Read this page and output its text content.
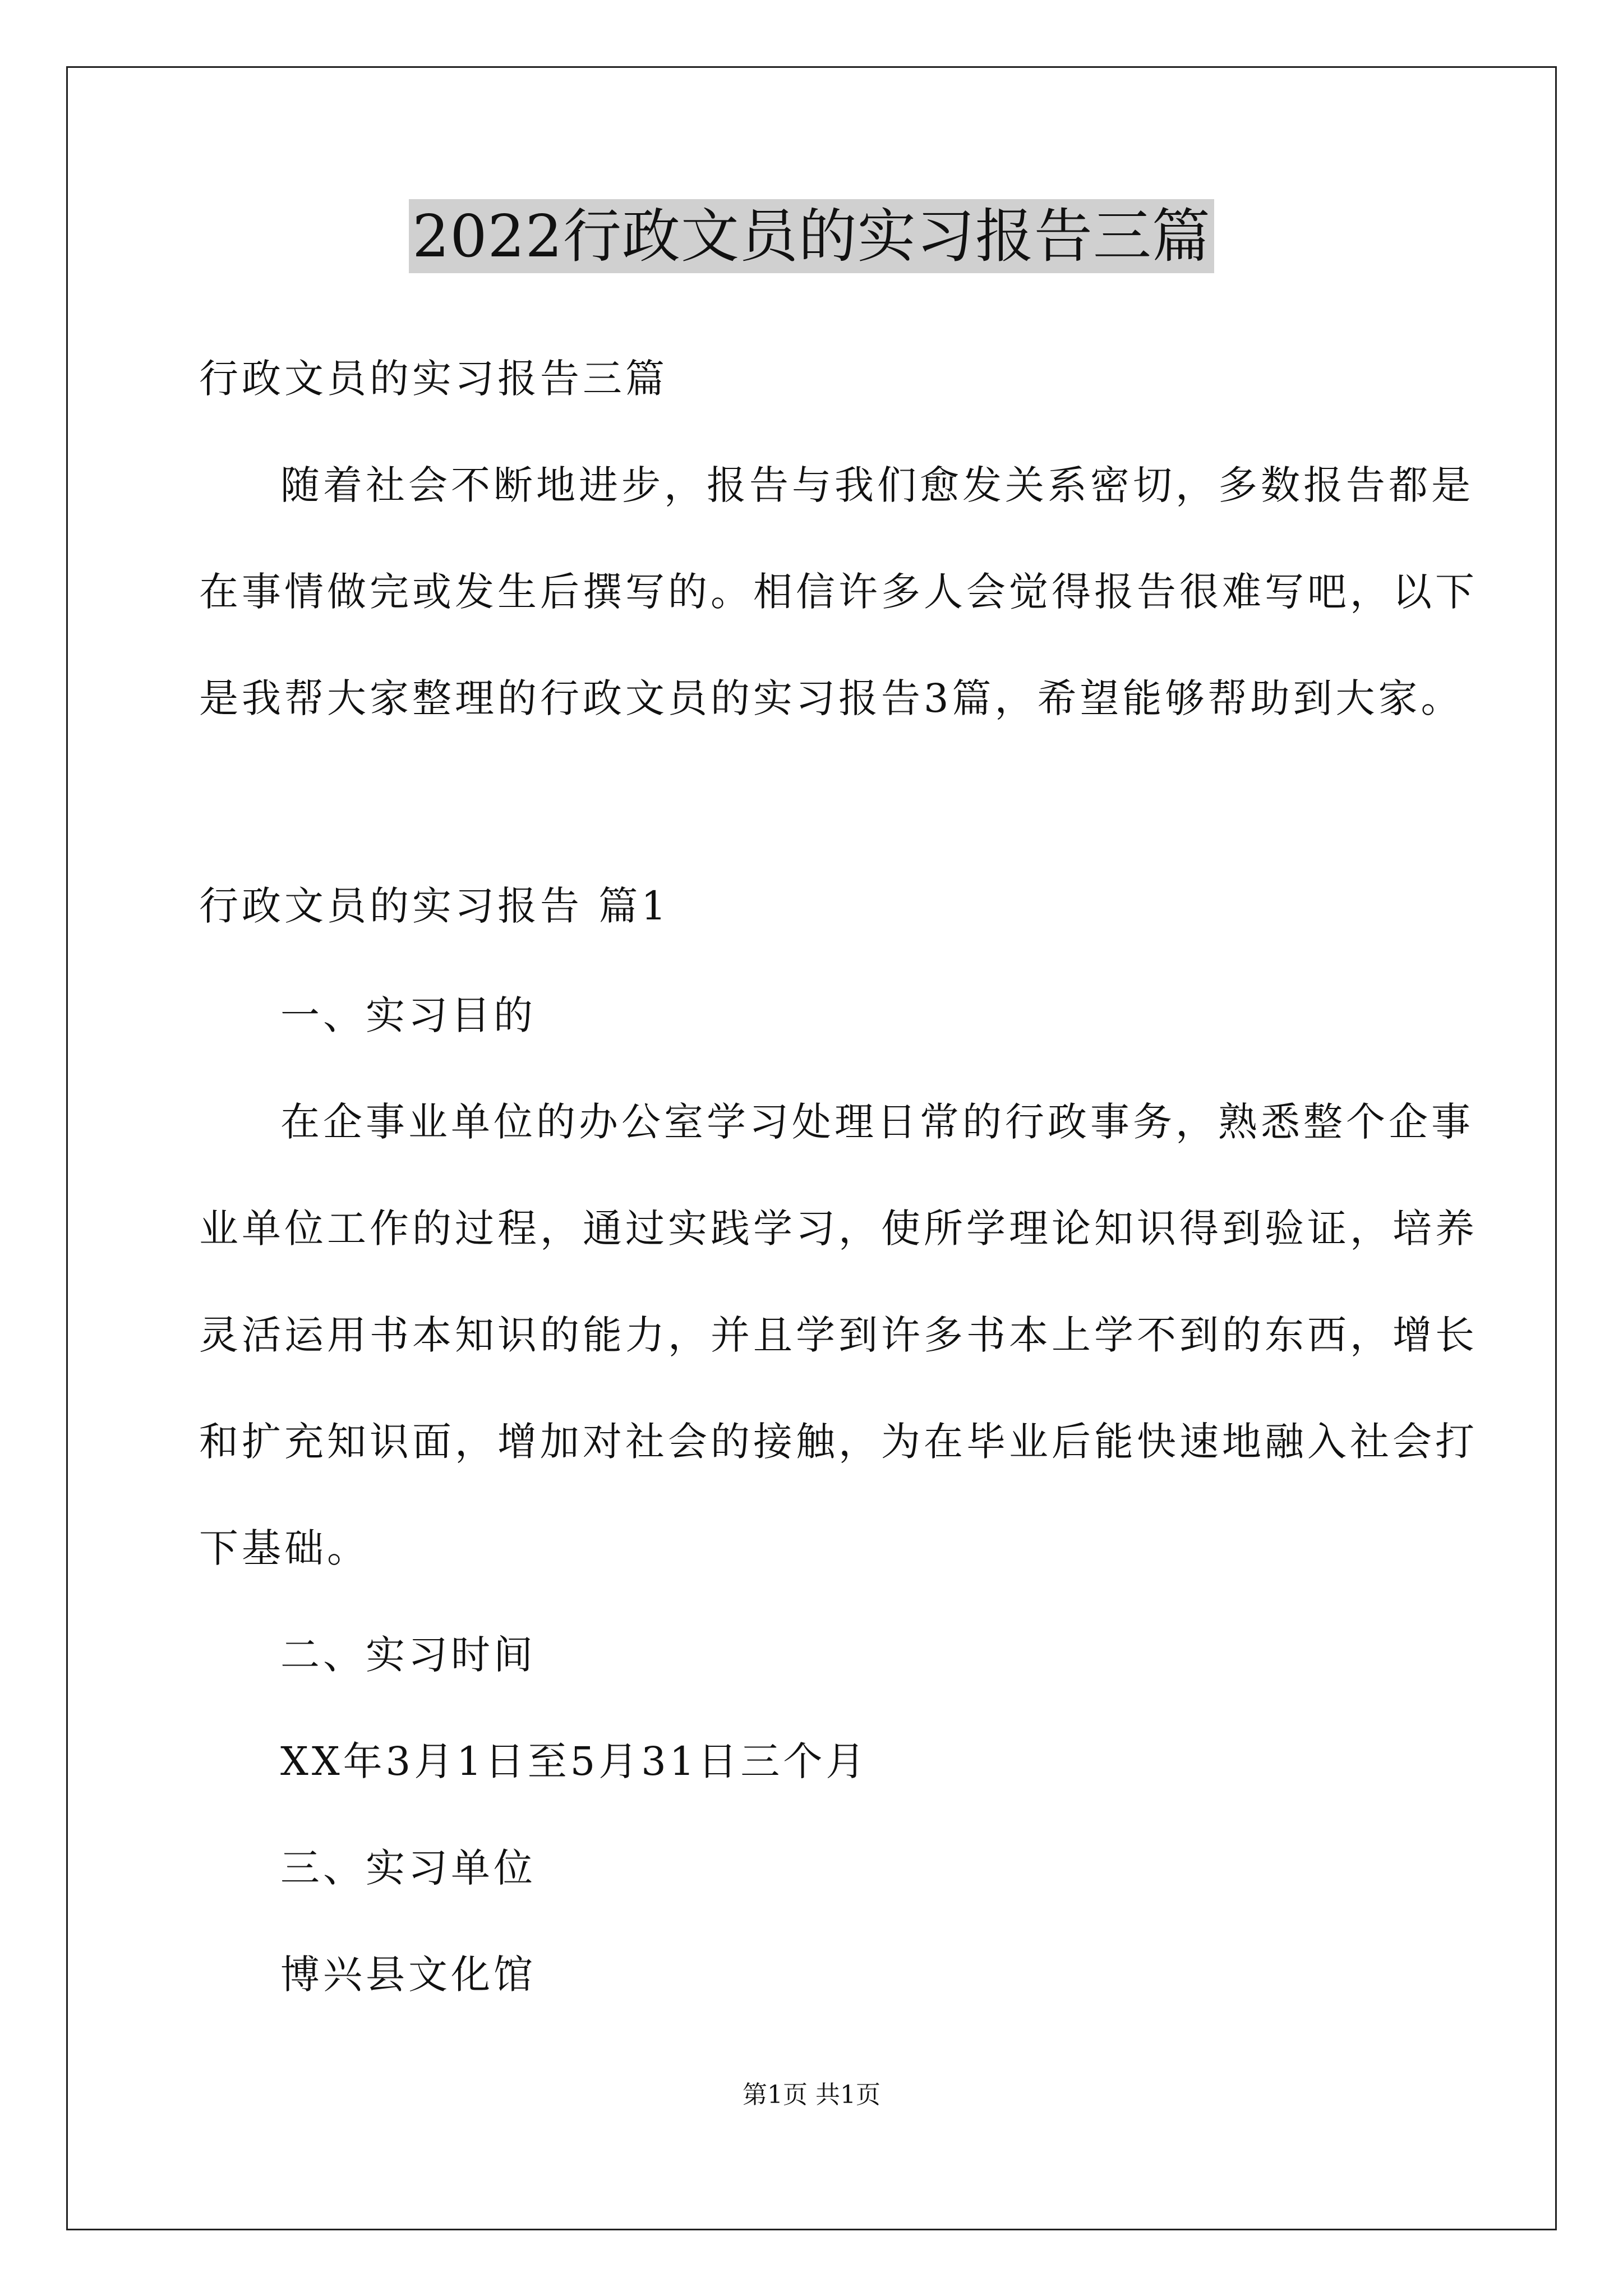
2022行政文员的实习报告三篇
行政文员的实习报告三篇
随着社会不断地进步，报告与我们愈发关系密切，多数报告都是
在事情做完或发生后撰写的。相信许多人会觉得报告很难写吧，以下
是我帮大家整理的行政文员的实习报告3篇，希望能够帮助到大家。
行政文员的实习报告 篇1
一、实习目的
在企事业单位的办公室学习处理日常的行政事务，熟悉整个企事
业单位工作的过程，通过实践学习，使所学理论知识得到验证，培养
灵活运用书本知识的能力，并且学到许多书本上学不到的东西，增长
和扩充知识面，增加对社会的接触，为在毕业后能快速地融入社会打
下基础。
二、实习时间
XX年3月1日至5月31日三个月
三、实习单位
博兴县文化馆
第1页 共1页
